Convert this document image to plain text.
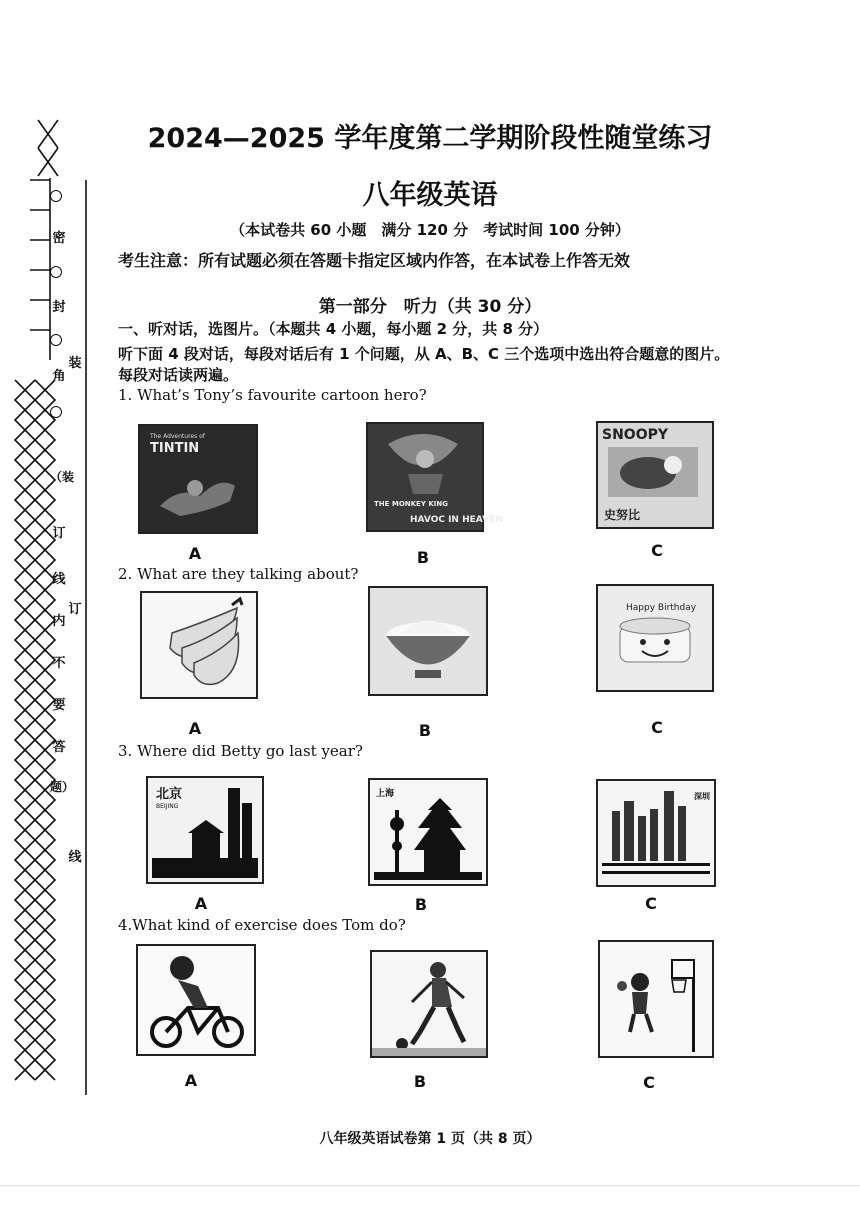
密
封
角
（装
订
线
内
不
要
答
题）
装
订
线
2024—2025 学年度第二学期阶段性随堂练习
八年级英语
（本试卷共 60 小题　满分 120 分　考试时间 100 分钟）
考生注意：所有试题必须在答题卡指定区域内作答，在本试卷上作答无效
第一部分　听力（共 30 分）
一、听对话，选图片。（本题共 4 小题，每小题 2 分，共 8 分）
听下面 4 段对话，每段对话后有 1 个问题，从 A、B、C 三个选项中选出符合题意的图片。
每段对话读两遍。
1. What’s Tony’s favourite cartoon hero?
The Adventures of
TINTIN
THE MONKEY KING
HAVOC IN HEAVEN
SNOOPY
史努比
A	B	C
2. What are they talking about?
Happy Birthday
A	B	C
3. Where did Betty go last year?
北京
BEIJING
上海	深圳
A	B	C
4.What kind of exercise does Tom do?
A	B	C
八年级英语试卷第 1 页（共 8 页）
